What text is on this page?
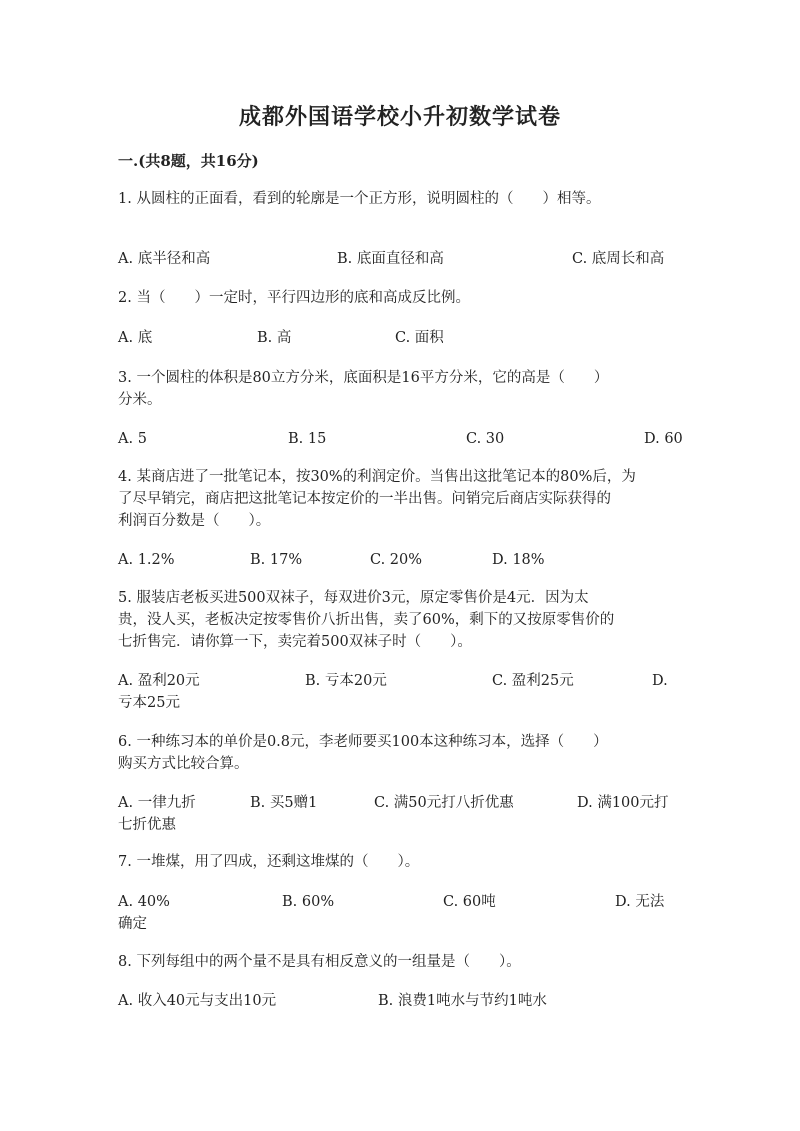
成都外国语学校小升初数学试卷
一.(共8题，共16分)
1. 从圆柱的正面看，看到的轮廓是一个正方形，说明圆柱的（　　）相等。
A. 底半径和高	B. 底面直径和高	C. 底周长和高
2. 当（　　）一定时，平行四边形的底和高成反比例。
A. 底	B. 高	C. 面积
3. 一个圆柱的体积是80立方分米，底面积是16平方分米，它的高是（　　）
分米。
A. 5	B. 15	C. 30	D. 60
4. 某商店进了一批笔记本，按30%的利润定价。当售出这批笔记本的80%后，为
了尽早销完，商店把这批笔记本按定价的一半出售。问销完后商店实际获得的
利润百分数是（　　）。
A. 1.2%	B. 17%	C. 20%	D. 18%
5. 服装店老板买进500双袜子，每双进价3元，原定零售价是4元．因为太
贵，没人买，老板决定按零售价八折出售，卖了60%，剩下的又按原零售价的
七折售完．请你算一下，卖完着500双袜子时（　　）。
A. 盈利20元	B. 亏本20元	C. 盈利25元	D.
亏本25元
6. 一种练习本的单价是0.8元，李老师要买100本这种练习本，选择（　　）
购买方式比较合算。
A. 一律九折	B. 买5赠1	C. 满50元打八折优惠	D. 满100元打
七折优惠
7. 一堆煤，用了四成，还剩这堆煤的（　　）。
A. 40%	B. 60%	C. 60吨	D. 无法
确定
8. 下列每组中的两个量不是具有相反意义的一组量是（　　）。
A. 收入40元与支出10元	B. 浪费1吨水与节约1吨水
